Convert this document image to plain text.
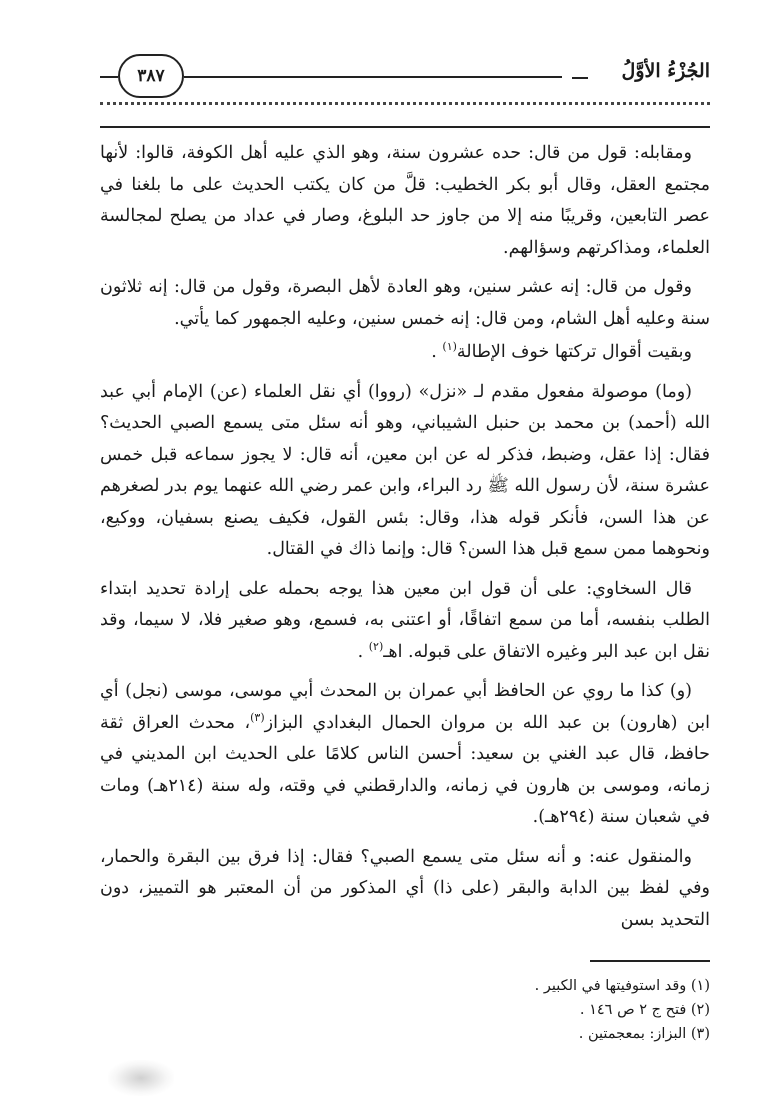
الجُزْءُ الأوَّلُ
٣٨٧

ومقابله: قول من قال: حده عشرون سنة، وهو الذي عليه أهل الكوفة، قالوا: لأنها مجتمع العقل، وقال أبو بكر الخطيب: قلَّ من كان يكتب الحديث على ما بلغنا في عصر التابعين، وقريبًا منه إلا من جاوز حد البلوغ، وصار في عداد من يصلح لمجالسة العلماء، ومذاكرتهم وسؤالهم.

وقول من قال: إنه عشر سنين، وهو العادة لأهل البصرة، وقول من قال: إنه ثلاثون سنة وعليه أهل الشام، ومن قال: إنه خمس سنين، وعليه الجمهور كما يأتي.

وبقيت أقوال تركتها خوف الإطالة$^{(١)}$ .

(وما) موصولة مفعول مقدم لـ «نزل» (رووا) أي نقل العلماء (عن) الإمام أبي عبد الله (أحمد) بن محمد بن حنبل الشيباني، وهو أنه سئل متى يسمع الصبي الحديث؟ فقال: إذا عقل، وضبط، فذكر له عن ابن معين، أنه قال: لا يجوز سماعه قبل خمس عشرة سنة، لأن رسول الله ﷺ رد البراء، وابن عمر رضي الله عنهما يوم بدر لصغرهم عن هذا السن، فأنكر قوله هذا، وقال: بئس القول، فكيف يصنع بسفيان، ووكيع، ونحوهما ممن سمع قبل هذا السن؟ قال: وإنما ذاك في القتال.

قال السخاوي: على أن قول ابن معين هذا يوجه بحمله على إرادة تحديد ابتداء الطلب بنفسه، أما من سمع اتفاقًا، أو اعتنى به، فسمع، وهو صغير فلا، لا سيما، وقد نقل ابن عبد البر وغيره الاتفاق على قبوله. اهـ$^{(٢)}$ .

(و) كذا ما روي عن الحافظ أبي عمران بن المحدث أبي موسى، موسى (نجل) أي ابن (هارون) بن عبد الله بن مروان الحمال البغدادي البزاز$^{(٣)}$، محدث العراق ثقة حافظ، قال عبد الغني بن سعيد: أحسن الناس كلامًا على الحديث ابن المديني في زمانه، وموسى بن هارون في زمانه، والدارقطني في وقته، وله سنة (٢١٤هـ) ومات في شعبان سنة (٢٩٤هـ).

والمنقول عنه: و أنه سئل متى يسمع الصبي؟ فقال: إذا فرق بين البقرة والحمار، وفي لفظ بين الدابة والبقر (على ذا) أي المذكور من أن المعتبر هو التمييز، دون التحديد بسن

(١) وقد استوفيتها في الكبير .

(٢) فتح ج ٢ ص ١٤٦ .

(٣) البزاز: بمعجمتين .
